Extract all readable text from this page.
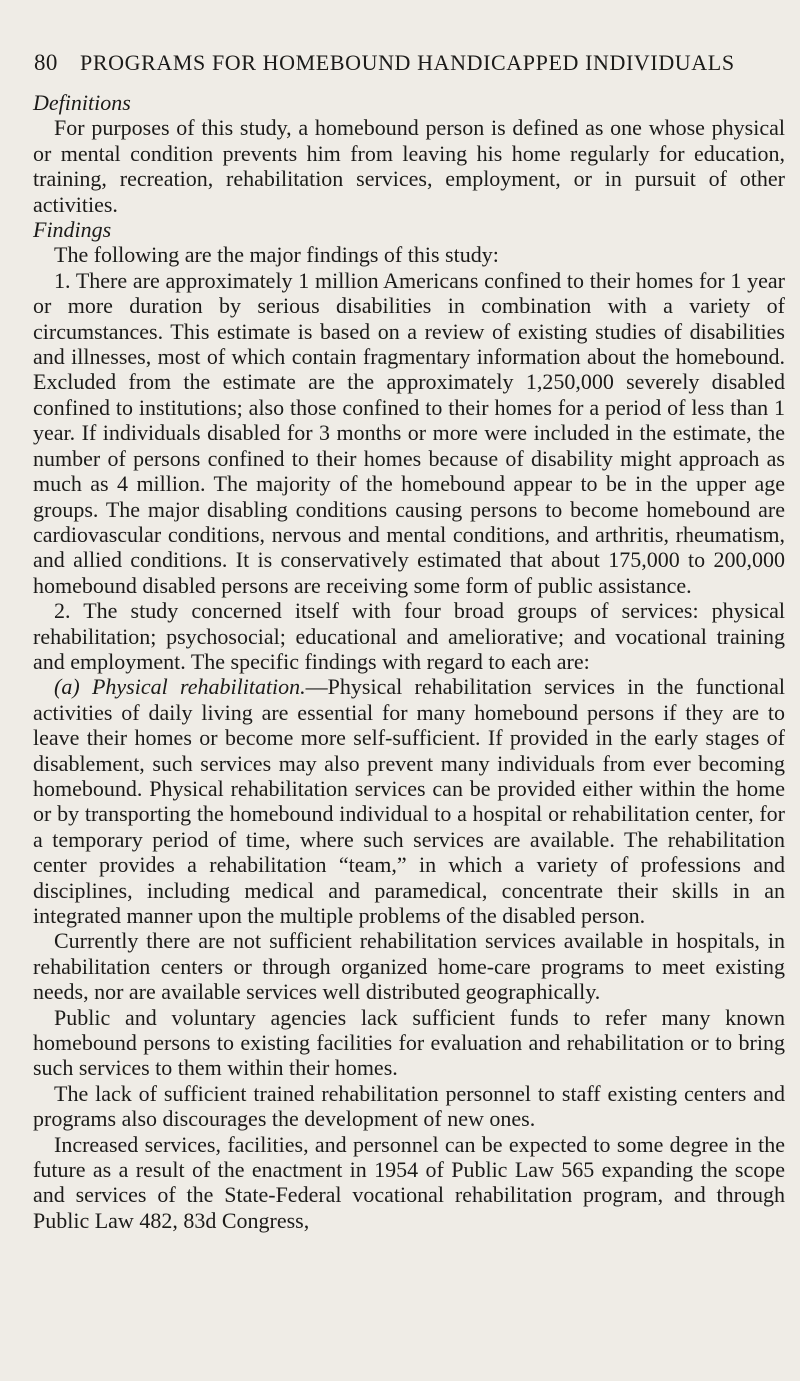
80 PROGRAMS FOR HOMEBOUND HANDICAPPED INDIVIDUALS

Definitions

For purposes of this study, a homebound person is defined as one whose physical or mental condition prevents him from leaving his home regularly for education, training, recreation, rehabilitation services, employment, or in pursuit of other activities.

Findings

The following are the major findings of this study:

1. There are approximately 1 million Americans confined to their homes for 1 year or more duration by serious disabilities in combination with a variety of circumstances. This estimate is based on a review of existing studies of disabilities and illnesses, most of which contain fragmentary information about the homebound. Excluded from the estimate are the approximately 1,250,000 severely disabled confined to institutions; also those confined to their homes for a period of less than 1 year. If individuals disabled for 3 months or more were included in the estimate, the number of persons confined to their homes because of disability might approach as much as 4 million. The majority of the homebound appear to be in the upper age groups. The major disabling conditions causing persons to become homebound are cardiovascular conditions, nervous and mental conditions, and arthritis, rheumatism, and allied conditions. It is conservatively estimated that about 175,000 to 200,000 homebound disabled persons are receiving some form of public assistance.

2. The study concerned itself with four broad groups of services: physical rehabilitation; psychosocial; educational and ameliorative; and vocational training and employment. The specific findings with regard to each are:

(a) Physical rehabilitation.—Physical rehabilitation services in the functional activities of daily living are essential for many homebound persons if they are to leave their homes or become more self-sufficient. If provided in the early stages of disablement, such services may also prevent many individuals from ever becoming homebound. Physical rehabilitation services can be provided either within the home or by transporting the homebound individual to a hospital or rehabilitation center, for a temporary period of time, where such services are available. The rehabilitation center provides a rehabilitation “team,” in which a variety of professions and disciplines, including medical and paramedical, concentrate their skills in an integrated manner upon the multiple problems of the disabled person.

Currently there are not sufficient rehabilitation services available in hospitals, in rehabilitation centers or through organized home-care programs to meet existing needs, nor are available services well distributed geographically.

Public and voluntary agencies lack sufficient funds to refer many known homebound persons to existing facilities for evaluation and rehabilitation or to bring such services to them within their homes.

The lack of sufficient trained rehabilitation personnel to staff existing centers and programs also discourages the development of new ones.

Increased services, facilities, and personnel can be expected to some degree in the future as a result of the enactment in 1954 of Public Law 565 expanding the scope and services of the State-Federal vocational rehabilitation program, and through Public Law 482, 83d Congress,
